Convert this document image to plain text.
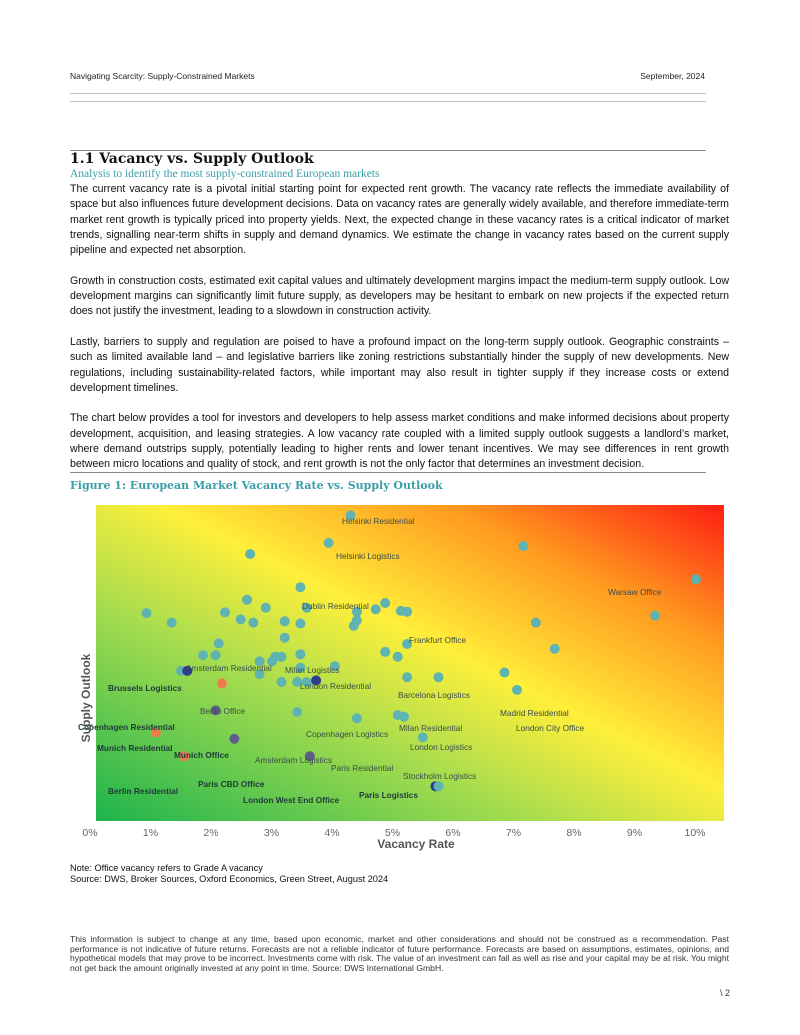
Navigating Scarcity: Supply-Constrained Markets	September, 2024
1.1 Vacancy vs. Supply Outlook
Analysis to identify the most supply-constrained European markets

The current vacancy rate is a pivotal initial starting point for expected rent growth. The vacancy rate reflects the immediate availability of space but also influences future development decisions. Data on vacancy rates are generally widely available, and therefore immediate-term market rent growth is typically priced into property yields. Next, the expected change in these vacancy rates is a critical indicator of market trends, signalling near-term shifts in supply and demand dynamics. We estimate the change in vacancy rates based on the current supply pipeline and expected net absorption.

Growth in construction costs, estimated exit capital values and ultimately development margins impact the medium-term supply outlook. Low development margins can significantly limit future supply, as developers may be hesitant to embark on new projects if the expected return does not justify the investment, leading to a slowdown in construction activity.

Lastly, barriers to supply and regulation are poised to have a profound impact on the long-term supply outlook. Geographic constraints – such as limited available land – and legislative barriers like zoning restrictions substantially hinder the supply of new developments. New regulations, including sustainability-related factors, while important may also result in tighter supply if they increase costs or extend development timelines.

The chart below provides a tool for investors and developers to help assess market conditions and make informed decisions about property development, acquisition, and leasing strategies. A low vacancy rate coupled with a limited supply outlook suggests a landlord’s market, where demand outstrips supply, potentially leading to higher rents and lower tenant incentives. We may see differences in rent growth between micro locations and quality of stock, and rent growth is not the only factor that determines an investment decision.

Figure 1: European Market Vacancy Rate vs. Supply Outlook
Helsinki Residential
Helsinki Logistics
Warsaw Office
Dublin Residential
Frankfurt Office
Amsterdam Residential Milan Logistics
London Residential
Brussels Logistics
Barcelona Logistics
Berlin Office	Madrid Residential
Copenhagen Residential	Milan Residential	London City Office
Copenhagen Logistics
Munich Residential	London Logistics
Munich Office	Amsterdam Logistics
Paris Residential
Stockholm Logistics
Paris CBD Office
Berlin Residential	Paris Logistics
London West End Office
0%	1%	2%	3%	4%	5%	6%	7%	8%	9%	10%
Vacancy Rate
Supply Outlook
Note: Office vacancy refers to Grade A vacancy
Source: DWS, Broker Sources, Oxford Economics, Green Street, August 2024
This information is subject to change at any time, based upon economic, market and other considerations and should not be construed as a recommendation. Past performance is not indicative of future returns. Forecasts are not a reliable indicator of future performance. Forecasts are based on assumptions, estimates, opinions, and hypothetical models that may prove to be incorrect. Investments come with risk. The value of an investment can fall as well as rise and your capital may be at risk. You might not get back the amount originally invested at any point in time. Source: DWS International GmbH.
\ 2
